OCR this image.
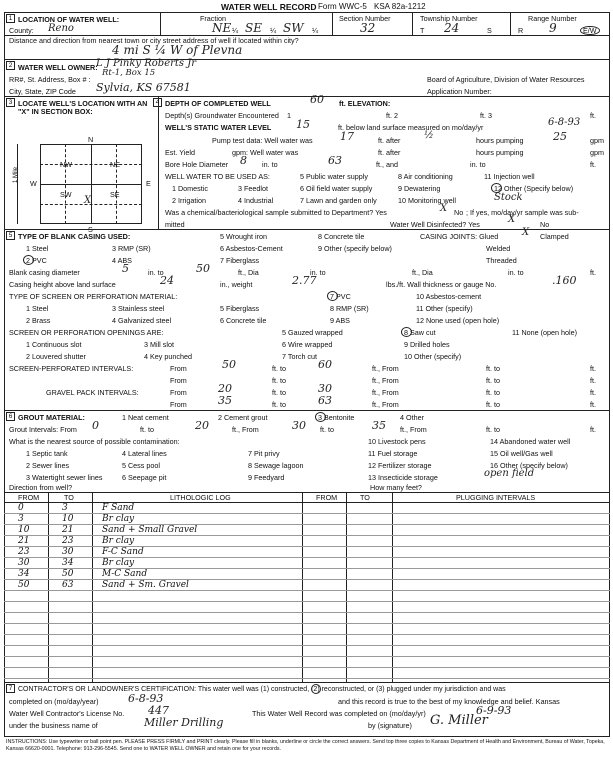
WATER WELL RECORD Form WWC-5 KSA 82a-1212
1 LOCATION OF WATER WELL:	Fraction	Section Number	Township Number	Range Number
County: Reno	NE ¼ SE ¼ SW ¼	32	T 24	S	R 9	E/W
Distance and direction from nearest town or city street address of well if located within city?
4 mi S ¼ W of Plevna
2 WATER WELL OWNER:
L J Pinky Roberts Jr
RR#, St. Address, Box # :
Rt-1, Box 15
City, State, ZIP Code Sylvia, KS 67581
Board of Agriculture, Division of Water Resources
Application Number:
3 LOCATE WELL'S LOCATION WITH AN "X" IN SECTION BOX:
N
S
W	E
NW	NE
SW	SE
X
1 Mile
4 DEPTH OF COMPLETED WELL	60 ft. ELEVATION:
Depth(s) Groundwater Encountered 1	ft. 2	ft. 3	ft.
WELL'S STATIC WATER LEVEL 15	ft. below land surface measured on mo/day/yr	6-8-93
Pump test data: Well water was 17	ft. after ½	hours pumping	25	gpm
Est. Yield	gpm: Well water was	ft. after	hours pumping	gpm
Bore Hole Diameter 8 in. to	63	ft., and	in. to	ft.
WELL WATER TO BE USED AS:
1 Domestic	3 Feedlot
5 Public water supply	8 Air conditioning	11 Injection well
6 Oil field water supply	9 Dewatering	12 Other (Specify below)
2 Irrigation	4 Industrial	7 Lawn and garden only	10 Monitoring well	Stock
Was a chemical/bacteriological sample submitted to Department? Yes	X No ; If yes, mo/day/yr sample was sub-
mitted	Water Well Disinfected? Yes	X	No
5 TYPE OF BLANK CASING USED:
1 Steel	3 RMP (SR)
5 Wrought iron	8 Concrete tile
2 PVC	4 ABS
6 Asbestos-Cement	9 Other (specify below)
7 Fiberglass
CASING JOINTS: Glued X Clamped
Welded
Threaded
Blank casing diameter	5	in. to	50	ft., Dia	in. to	ft., Dia	in. to	ft.
Casing height above land surface	24	in., weight	2.77	lbs./ft. Wall thickness or gauge No.	.160
TYPE OF SCREEN OR PERFORATION MATERIAL:
1 Steel	3 Stainless steel	5 Fiberglass
7 PVC	10 Asbestos-cement
2 Brass	4 Galvanized steel	6 Concrete tile
8 RMP (SR)
9 ABS
11 Other (specify)
12 None used (open hole)
SCREEN OR PERFORATION OPENINGS ARE:	5 Gauzed wrapped	8 Saw cut	11 None (open hole)
1 Continuous slot	3 Mill slot	6 Wire wrapped	9 Drilled holes
2 Louvered shutter	4 Key punched	7 Torch cut	10 Other (specify)
SCREEN-PERFORATED INTERVALS:	From	50	ft. to	60	ft., From	ft. to	ft.
From	ft. to	ft., From	ft. to	ft.
GRAVEL PACK INTERVALS:	From	20	ft. to	30	ft., From	ft. to	ft.
From	35	ft. to	63	ft., From	ft. to	ft.
6 GROUT MATERIAL:	1 Neat cement	2 Cement grout	3 Bentonite	4 Other
Grout Intervals: From 0	ft. to	20	ft., From	30 ft. to	35 ft., From	ft. to	ft.
What is the nearest source of possible contamination:
1 Septic tank	4 Lateral lines	7 Pit privy
10 Livestock pens	14 Abandoned water well
2 Sewer lines	5 Cess pool	8 Sewage lagoon
11 Fuel storage	15 Oil well/Gas well
3 Watertight sewer lines	6 Seepage pit	9 Feedyard
12 Fertilizer storage	16 Other (specify below)
13 Insecticide storage	open field
Direction from well?	How many feet?
FROM	TO	LITHOLOGIC LOG	FROM	TO	PLUGGING INTERVALS
0	3	F Sand
3	10	Br clay
10	21	Sand + Small Gravel
21	23	Br clay
23	30	F-C Sand
30	34	Br clay
34	50	M-C Sand
50	63	Sand + Sm. Gravel
7 CONTRACTOR'S OR LANDOWNER'S CERTIFICATION: This water well was (1) constructed, (2) reconstructed, or (3) plugged under my jurisdiction and was
completed on (mo/day/year)	6-8-93	and this record is true to the best of my knowledge and belief. Kansas
Water Well Contractor's License No. 447	This Water Well Record was completed on (mo/day/yr)	6-9-93
under the business name of	Miller Drilling	by (signature) G. Miller
INSTRUCTIONS: Use typewriter or ball point pen. PLEASE PRESS FIRMLY and PRINT clearly. Please fill in blanks, underline or circle the correct answers. Send top three copies to Kansas Department of Health and Environment, Bureau of Water, Topeka, Kansas 66620-0001. Telephone: 913-296-5545. Send one to WATER WELL OWNER and retain one for your records.
